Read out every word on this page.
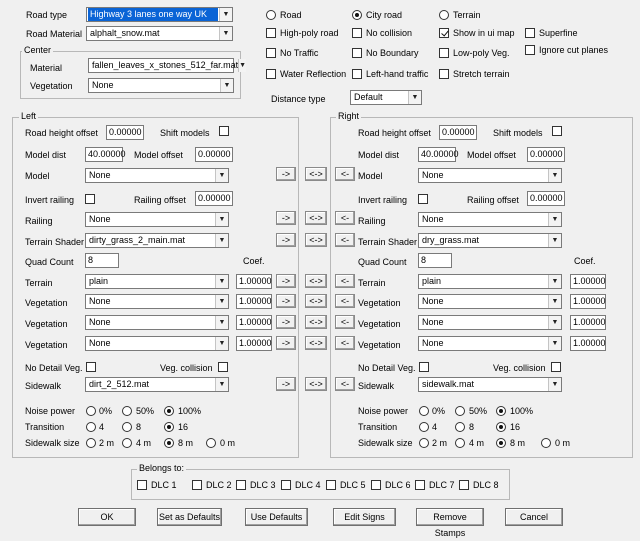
Road type	Highway 3 lanes one way UK	▼
Road Material alphalt_snow.mat	▼
Center
Material	fallen_leaves_x_stones_512_far.mat ▼
Vegetation	None	▼
Road	City road	Terrain
High-poly road	No collision	Show in ui map	Superfine
No Traffic	No Boundary	Low-poly Veg.	Ignore cut planes
Water Reflection Left-hand traffic	Stretch terrain
Distance type	Default	▼
Left
Road height offset	0.00000 Shift models
Model dist	40.00000 Model offset	0.00000
Model	None	▼
Invert railing	Railing offset	0.00000
Railing	None	▼
Terrain Shader dirty_grass_2_main.mat	▼
Quad Count	8	Coef.
Terrain	plain	▼	1.00000
Vegetation	None	▼	1.00000
Vegetation	None	▼	1.00000
Vegetation	None	▼	1.00000
No Detail Veg.	Veg. collision
Sidewalk	dirt_2_512.mat	▼
Noise power	0%	50%	100%
Transition	4	8	16
Sidewalk size 2 m 4 m	8 m	0 m
->	<->	<-
->	<->	<-
->	<->	<-
->	<->	<-
->	<->	<-
->	<->	<-
->	<->	<-
->	<->	<-
Right
Road height offset	0.00000 Shift models
Model dist	40.00000 Model offset	0.00000
Model	None	▼
Invert railing	Railing offset	0.00000
Railing	None	▼
Terrain Shader dry_grass.mat	▼
Quad Count	8	Coef.
Terrain	plain	▼	1.00000
Vegetation	None	▼	1.00000
Vegetation	None	▼	1.00000
Vegetation	None	▼	1.00000
No Detail Veg.	Veg. collision
Sidewalk	sidewalk.mat	▼
Noise power	0%	50%	100%
Transition	4	8	16
Sidewalk size 2 m 4 m	8 m	0 m
Belongs to:
DLC 1	DLC 2 DLC 3 DLC 4 DLC 5 DLC 6 DLC 7 DLC 8
OK	Set as Defaults	Use Defaults	Edit Signs	Remove Stamps
Cancel
